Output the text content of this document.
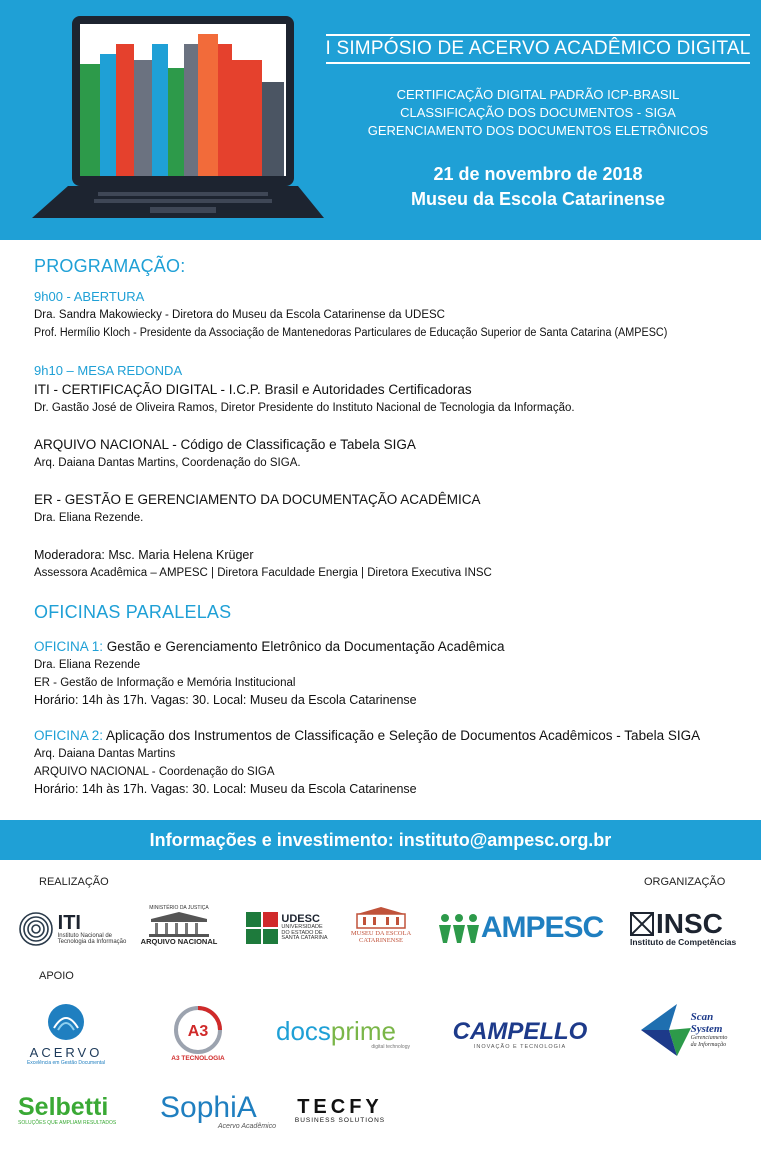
I SIMPÓSIO DE ACERVO ACADÊMICO DIGITAL
CERTIFICAÇÃO DIGITAL PADRÃO ICP-BRASIL
CLASSIFICAÇÃO DOS DOCUMENTOS - SIGA
GERENCIAMENTO DOS DOCUMENTOS ELETRÔNICOS
21 de novembro de 2018
Museu da Escola Catarinense
PROGRAMAÇÃO:
9h00 - ABERTURA
Dra. Sandra Makowiecky - Diretora do Museu da Escola Catarinense da UDESC
Prof. Hermílio Kloch - Presidente da Associação de Mantenedoras Particulares de Educação Superior de Santa Catarina (AMPESC)
9h10 – MESA REDONDA
ITI - CERTIFICAÇÃO DIGITAL - I.C.P. Brasil e Autoridades Certificadoras
Dr. Gastão José de Oliveira Ramos, Diretor Presidente do Instituto Nacional de Tecnologia da Informação.
ARQUIVO NACIONAL - Código de Classificação e Tabela SIGA
Arq. Daiana Dantas Martins, Coordenação do SIGA.
ER - GESTÃO E GERENCIAMENTO DA DOCUMENTAÇÃO ACADÊMICA
Dra. Eliana Rezende.
Moderadora: Msc. Maria Helena Krüger
Assessora Acadêmica – AMPESC | Diretora Faculdade Energia | Diretora Executiva INSC
OFICINAS PARALELAS
OFICINA 1: Gestão e Gerenciamento Eletrônico da Documentação Acadêmica
Dra. Eliana Rezende
ER - Gestão de Informação e Memória Institucional
Horário: 14h às 17h. Vagas: 30. Local: Museu da Escola Catarinense
OFICINA 2: Aplicação dos Instrumentos de Classificação e Seleção de Documentos Acadêmicos - Tabela SIGA
Arq. Daiana Dantas Martins
ARQUIVO NACIONAL - Coordenação do SIGA
Horário: 14h às 17h. Vagas: 30. Local: Museu da Escola Catarinense
Informações e investimento: instituto@ampesc.org.br
REALIZAÇÃO	ORGANIZAÇÃO
ITI
Instituto Nacional de
Tecnologia da Informação
MINISTÉRIO DA JUSTIÇA
ARQUIVO NACIONAL
UDESC
UNIVERSIDADE
DO ESTADO DE
SANTA CATARINA
MUSEU DA ESCOLA
CATARINENSE	AMPESC INSC
Instituto de Competências
APOIO
ACERVO
Excelência em Gestão Documental
A3
A3 TECNOLOGIA
docsprime
digital technology
CAMPELLO
INOVAÇÃO E TECNOLOGIA
Scan
System
Gerenciamento
da Informação
Selbetti
SOLUÇÕES QUE AMPLIAM RESULTADOS SophiA
Acervo Acadêmico
TECFY
BUSINESS SOLUTIONS
